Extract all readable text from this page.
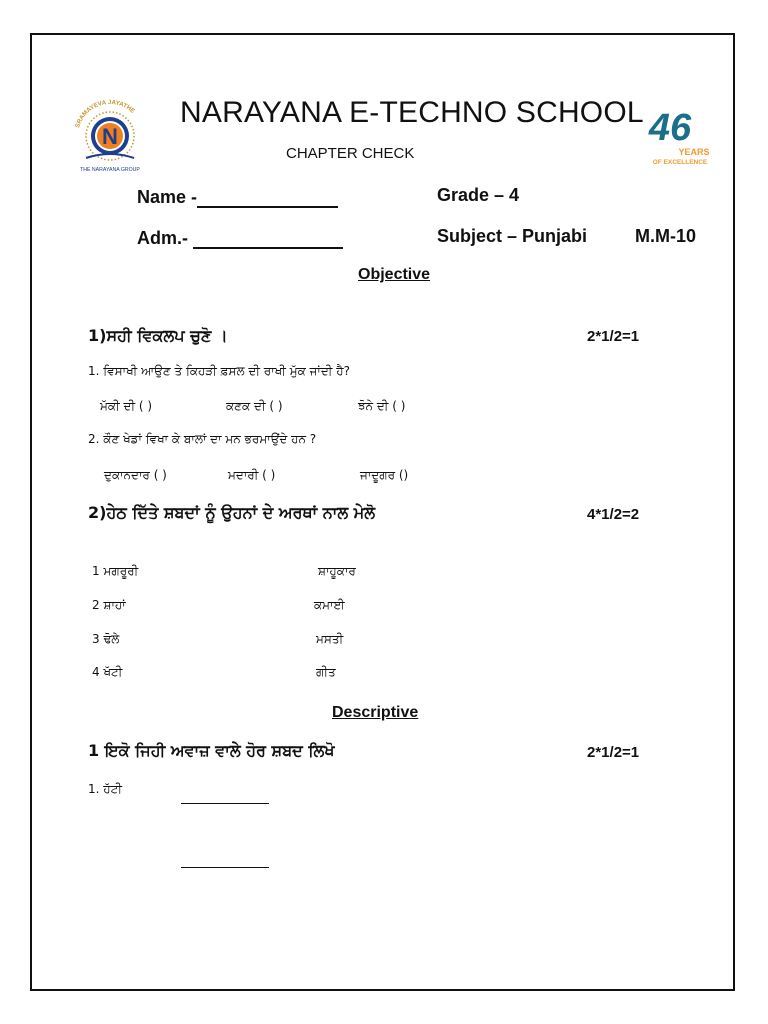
SRAMAYEVA JAYATHE
N
THE NARAYANA GROUP
NARAYANA E-TECHNO SCHOOL
CHAPTER CHECK
46
YEARS
OF EXCELLENCE
Name -	Grade – 4
Adm.-	Subject – Punjabi	M.M-10
Objective
1)ਸਹੀ ਵਿਕਲਪ ਚੁਣੋ ।	2*1/2=1
1. ਵਿਸਾਖੀ ਆਉਣ ਤੇ ਕਿਹੜੀ ਫ਼ਸਲ ਦੀ ਰਾਖੀ ਮੁੱਕ ਜਾਂਦੀ ਹੈ?
ਮੱਕੀ ਦੀ ( )	ਕਣਕ ਦੀ ( )	ਝੋਨੇ ਦੀ ( )
2. ਕੌਣ ਖੇਡਾਂ ਵਿਖਾ ਕੇ ਬਾਲਾਂ ਦਾ ਮਨ ਭਰਮਾਉਂਦੇ ਹਨ ?
ਦੁਕਾਨਦਾਰ ( )	ਮਦਾਰੀ ( )	ਜਾਦੂਗਰ ()
2)ਹੇਠ ਦਿੱਤੇ ਸ਼ਬਦਾਂ ਨੂੰ ਉਹਨਾਂ ਦੇ ਅਰਥਾਂ ਨਾਲ ਮੇਲੋ	4*1/2=2
1 ਮਗਰੂਰੀ	ਸ਼ਾਹੂਕਾਰ
2 ਸ਼ਾਹਾਂ	ਕਮਾਈ
3 ਢੋਲੇ	ਮਸਤੀ
4 ਖੱਟੀ	ਗੀਤ
Descriptive
1 ਇਕੋ ਜਿਹੀ ਅਵਾਜ਼ ਵਾਲੇ ਹੋਰ ਸ਼ਬਦ ਲਿਖੋ	2*1/2=1
1. ਹੱਟੀ
